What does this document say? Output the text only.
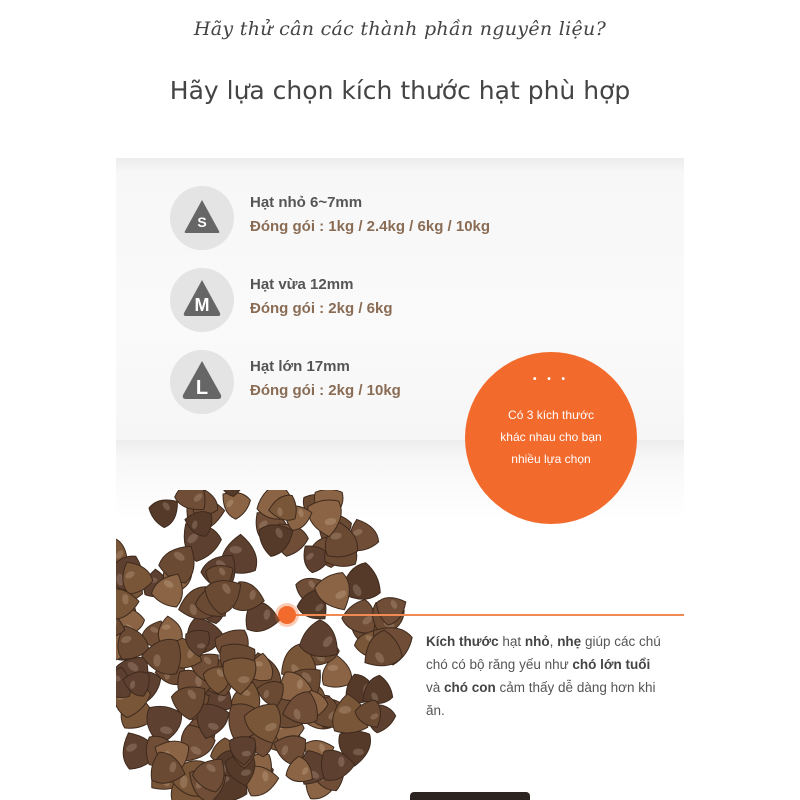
Hãy thử cân các thành phần nguyên liệu?
Hãy lựa chọn kích thước hạt phù hợp
S
Hạt nhỏ 6~7mm
Đóng gói : 1kg / 2.4kg / 6kg / 10kg
M
Hạt vừa 12mm
Đóng gói : 2kg / 6kg
L
Hạt lớn 17mm
Đóng gói : 2kg / 10kg
• • •
Có 3 kích thước
khác nhau cho bạn
nhiều lựa chọn
Kích thước hạt nhỏ, nhẹ giúp các chú chó có bộ răng yếu như chó lớn tuổi và chó con cảm thấy dễ dàng hơn khi ăn.
